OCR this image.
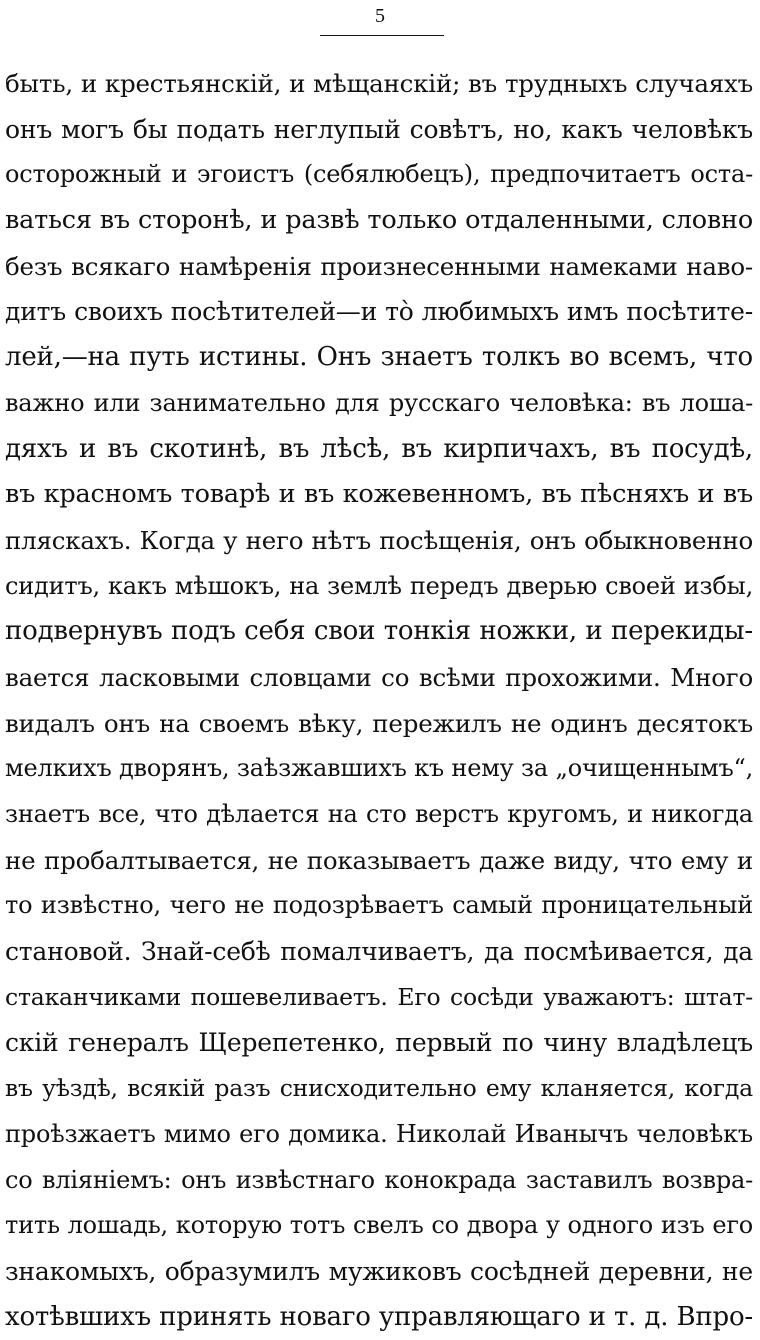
5
быть, и крестьянскій, и мѣщанскій; въ трудныхъ случаяхъ
онъ могъ бы подать неглупый совѣтъ, но, какъ человѣкъ
осторожный и эгоистъ (себялюбецъ), предпочитаетъ оста-
ваться въ сторонѣ, и развѣ только отдаленными, словно
безъ всякаго намѣренія произнесенными намеками наво-
дитъ своихъ посѣтителей—и тò любимыхъ имъ посѣтите-
лей,—на путь истины. Онъ знаетъ толкъ во всемъ, что
важно или занимательно для русскаго человѣка: въ лоша-
дяхъ и въ скотинѣ, въ лѣсѣ, въ кирпичахъ, въ посудѣ,
въ красномъ товарѣ и въ кожевенномъ, въ пѣсняхъ и въ
пляскахъ. Когда у него нѣтъ посѣщенія, онъ обыкновенно
сидитъ, какъ мѣшокъ, на землѣ передъ дверью своей избы,
подвернувъ подъ себя свои тонкія ножки, и перекиды-
вается ласковыми словцами со всѣми прохожими. Много
видалъ онъ на своемъ вѣку, пережилъ не одинъ десятокъ
мелкихъ дворянъ, заѣзжавшихъ къ нему за „очищеннымъ“,
знаетъ все, что дѣлается на сто верстъ кругомъ, и никогда
не пробалтывается, не показываетъ даже виду, что ему и
то извѣстно, чего не подозрѣваетъ самый проницательный
становой. Знай-себѣ помалчиваетъ, да посмѣивается, да
стаканчиками пошевеливаетъ. Его сосѣди уважаютъ: штат-
скій генералъ Щерепетенко, первый по чину владѣлецъ
въ уѣздѣ, всякій разъ снисходительно ему кланяется, когда
проѣзжаетъ мимо его домика. Николай Иванычъ человѣкъ
со вліяніемъ: онъ извѣстнаго конокрада заставилъ возвра-
тить лошадь, которую тотъ свелъ со двора у одного изъ его
знакомыхъ, образумилъ мужиковъ сосѣдней деревни, не
хотѣвшихъ принять новаго управляющаго и т. д. Впро-
